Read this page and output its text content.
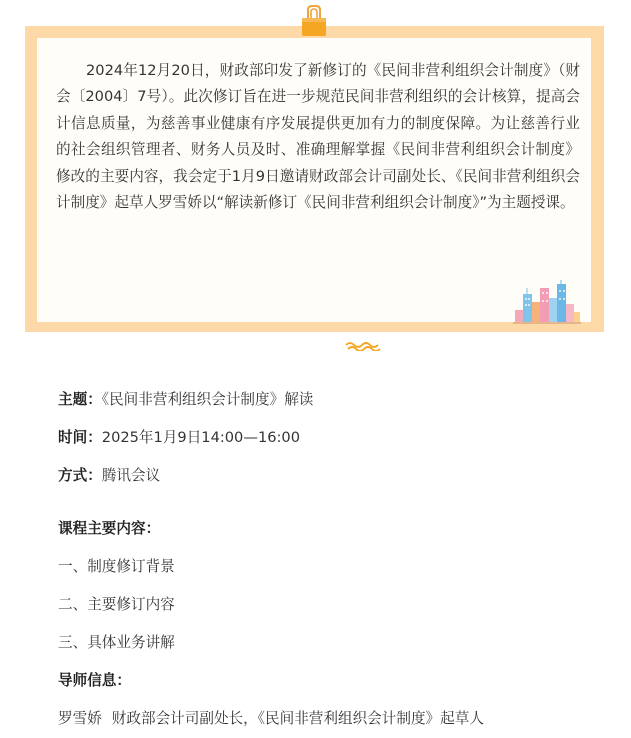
2024年12月20日，财政部印发了新修订的《民间非营利组织会计制度》（财会〔2004〕7号）。此次修订旨在进一步规范民间非营利组织的会计核算，提高会计信息质量，为慈善事业健康有序发展提供更加有力的制度保障。为让慈善行业的社会组织管理者、财务人员及时、准确理解掌握《民间非营利组织会计制度》修改的主要内容，我会定于1月9日邀请财政部会计司副处长、《民间非营利组织会计制度》起草人罗雪娇以“解读新修订《民间非营利组织会计制度》”为主题授课。

主题：《民间非营利组织会计制度》解读
时间：2025年1月9日14:00—16:00
方式：腾讯会议
课程主要内容：
一、制度修订背景
二、主要修订内容
三、具体业务讲解
导师信息：
罗雪娇 财政部会计司副处长，《民间非营利组织会计制度》起草人
